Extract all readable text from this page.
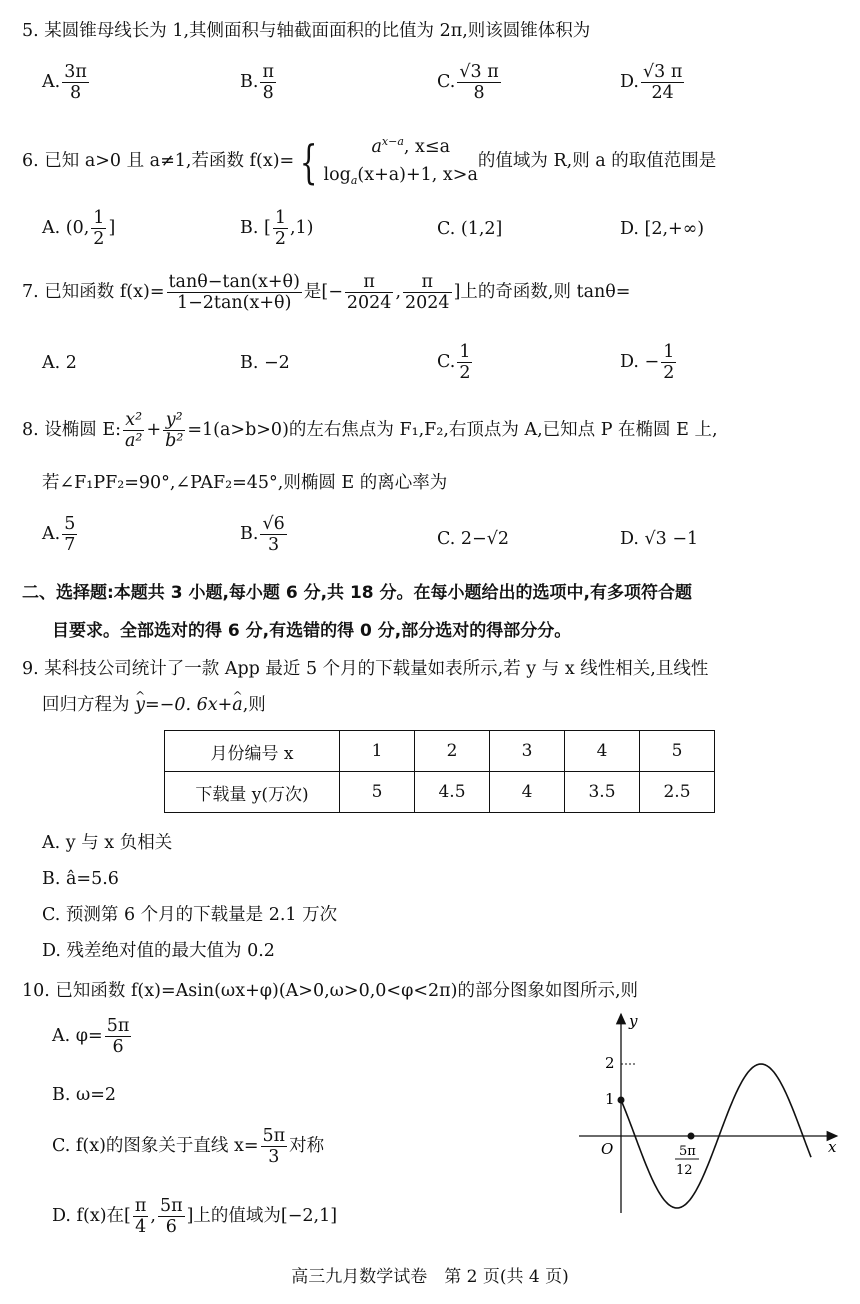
5. 某圆锥母线长为 1,其侧面积与轴截面面积的比值为 2π,则该圆锥体积为
A. $\frac{3\pi}{8}$	B. $\frac{\pi}{8}$	C. $\frac{√3 \pi}{8}$	D. $\frac{√3 \pi}{24}$
6. 已知 a>0 且 a≠1,若函数 f(x)= {	$a^{x-a}$, x≤a
$\log_a(x+a)+1$, x>a
的值域为 R,则 a 的取值范围是
A. (0, $\frac{1}{2}$ ]	B. [ $\frac{1}{2} ,1$)	C. (1,2]	D. [2,+∞)
7. 已知函数 $f(x)= \frac{\tan\theta-\tan(x+\theta)}{1-2\tan(x+\theta)}$ 是[− $\frac{\pi}{2024}$ , $\frac{\pi}{2024}$ ]上的奇函数,则 tanθ=
A. 2	B. −2	C. $\frac{1}{2}$	D. − $\frac{1}{2}$
8. 设椭圆 E: $\frac{\text{x²}}{\text{a²}} + \frac{\text{y²}}{\text{b²}} =1(a>b>0)$的左右焦点为 F₁,F₂,右顶点为 A,已知点 P 在椭圆 E 上,
若∠F₁PF₂=90°,∠PAF₂=45°,则椭圆 E 的离心率为
A. $\frac{5}{7}$	B. $\frac{√6}{3}$	C. 2−√2	D. √3 −1
二、选择题:本题共 3 小题,每小题 6 分,共 18 分。在每小题给出的选项中,有多项符合题
目要求。全部选对的得 6 分,有选错的得 0 分,部分选对的得部分分。
9. 某科技公司统计了一款 App 最近 5 个月的下载量如表所示,若 y 与 x 线性相关,且线性
回归方程为 ^ y=−0. 6x+^ a,则
月份编号 x	1	2	3	4	5
下载量 y(万次)	5	4.5	4	3.5	2.5
A. y 与 x 负相关
B. â=5.6
C. 预测第 6 个月的下载量是 2.1 万次
D. 残差绝对值的最大值为 0.2
10. 已知函数 f(x)=Asin(ωx+φ)(A>0,ω>0,0<φ<2π)的部分图象如图所示,则
A. $\varphi= \frac{5\pi}{6}$
B. ω=2
C. f(x)的图象关于直线 $x= \frac{5\pi}{3}$ 对称
D. f(x)在[ $\frac{\pi}{4}$ , $\frac{5\pi}{6}$ ]上的值域为[−2,1]
y
x
O
2
1
5π
12
高三九月数学试卷　第 2 页(共 4 页)
